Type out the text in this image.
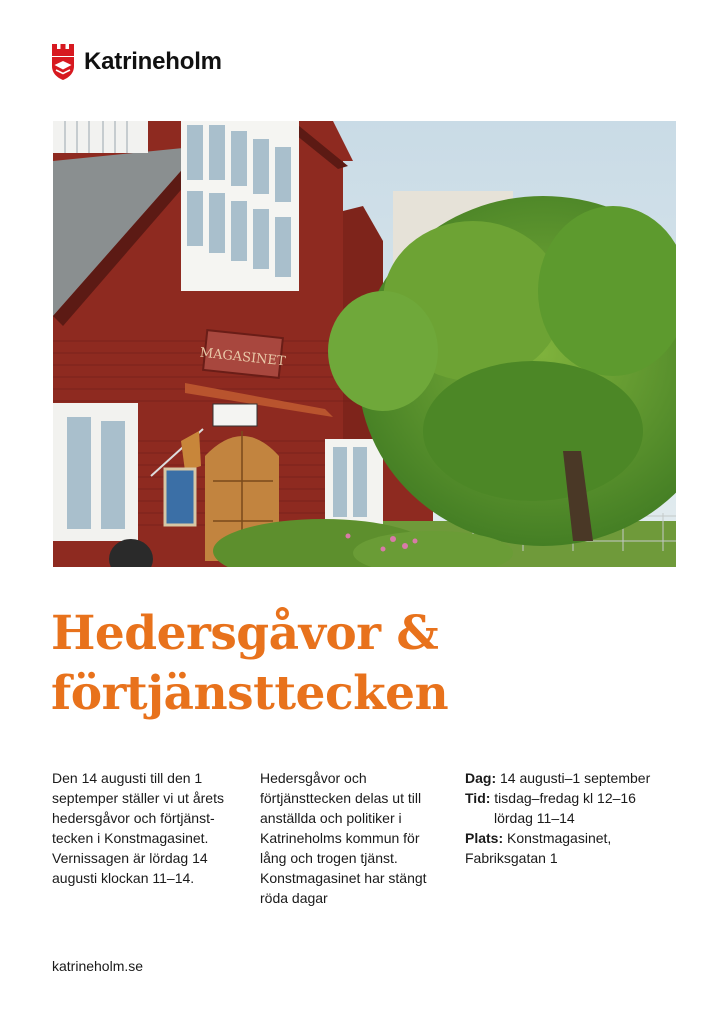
Katrineholm
MAGASINET
Hedersgåvor &
förtjänsttecken

Den 14 augusti till den 1 septemper ställer vi ut årets hedersgåvor och förtjänst-tecken i Konstmagasinet. Vernissagen är lördag 14 augusti klockan 11–14.

Hedersgåvor och förtjänsttecken delas ut till anställda och politiker i Katrineholms kommun för lång och trogen tjänst. Konstmagasinet har stängt röda dagar

Dag: 14 augusti–1 september
Tid: tisdag–fredag kl 12–16
lördag 11–14
Plats: Konstmagasinet,
Fabriksgatan 1
katrineholm.se
